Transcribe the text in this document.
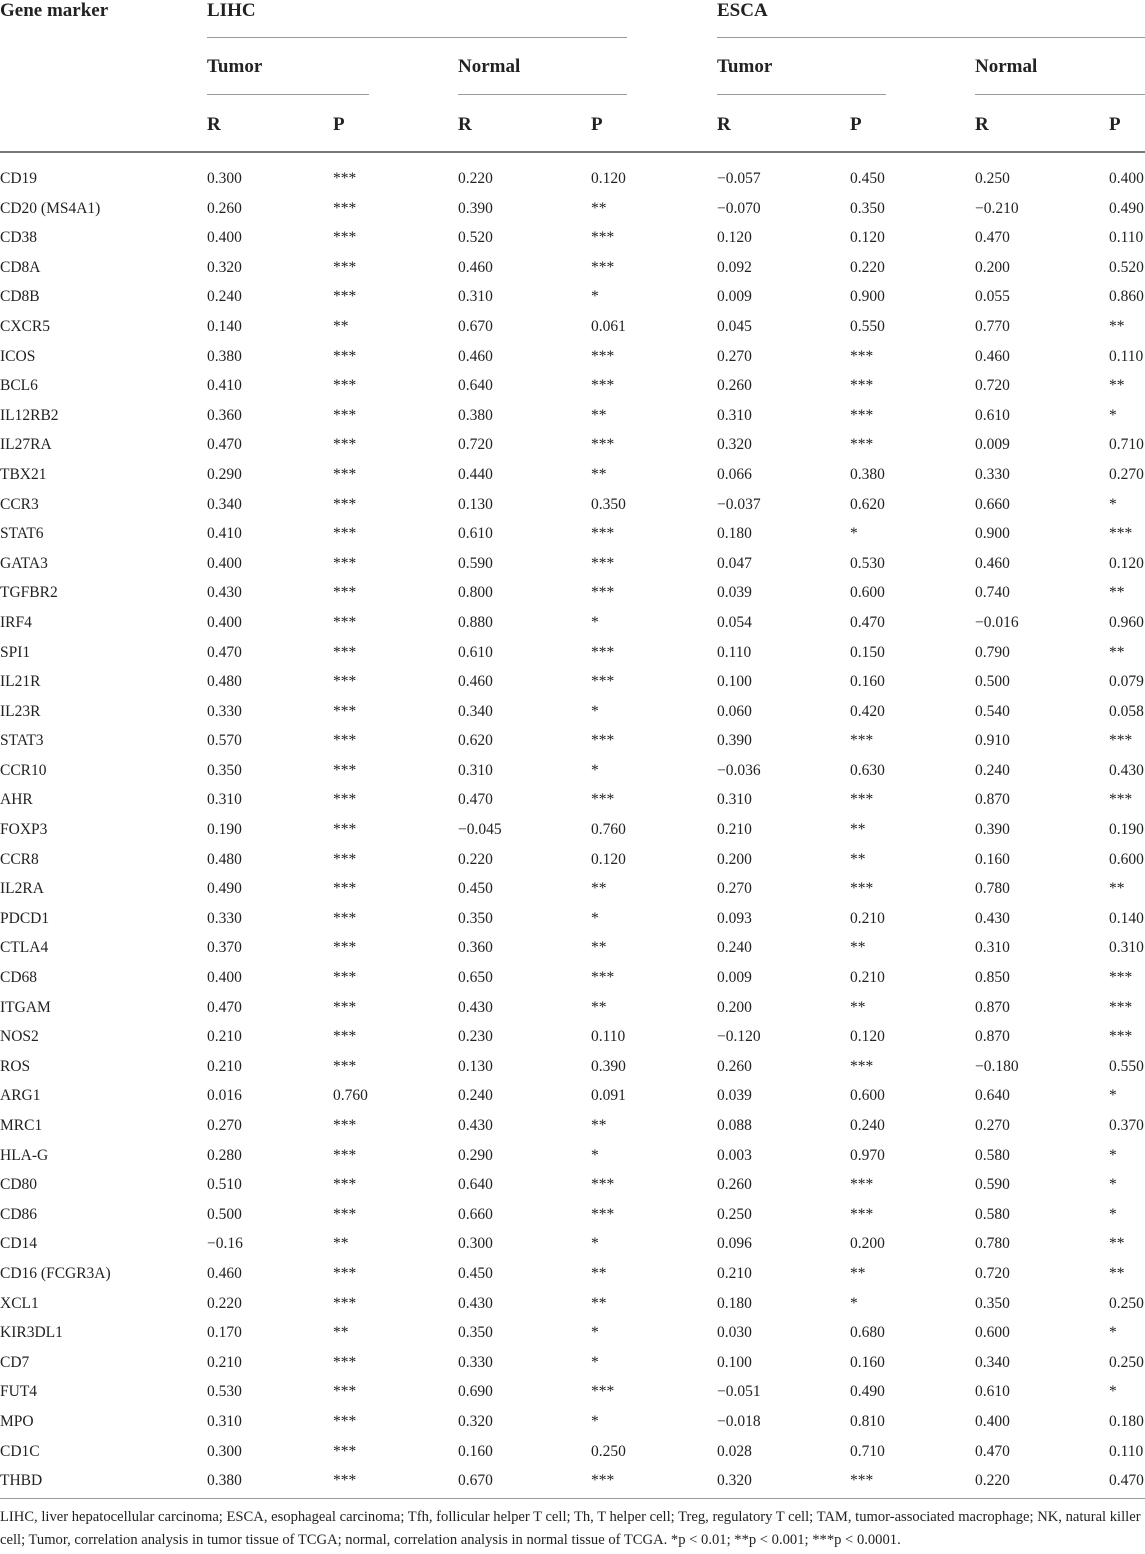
Gene marker	LIHC	ESCA
Tumor	Normal	Tumor	Normal
R	P	R	P	R	P	R	P
CD19	0.300	***	0.220	0.120	−0.057	0.450	0.250	0.400
CD20 (MS4A1)	0.260	***	0.390	**	−0.070	0.350	−0.210	0.490
CD38	0.400	***	0.520	***	0.120	0.120	0.470	0.110
CD8A	0.320	***	0.460	***	0.092	0.220	0.200	0.520
CD8B	0.240	***	0.310	*	0.009	0.900	0.055	0.860
CXCR5	0.140	**	0.670	0.061	0.045	0.550	0.770	**
ICOS	0.380	***	0.460	***	0.270	***	0.460	0.110
BCL6	0.410	***	0.640	***	0.260	***	0.720	**
IL12RB2	0.360	***	0.380	**	0.310	***	0.610	*
IL27RA	0.470	***	0.720	***	0.320	***	0.009	0.710
TBX21	0.290	***	0.440	**	0.066	0.380	0.330	0.270
CCR3	0.340	***	0.130	0.350	−0.037	0.620	0.660	*
STAT6	0.410	***	0.610	***	0.180	*	0.900	***
GATA3	0.400	***	0.590	***	0.047	0.530	0.460	0.120
TGFBR2	0.430	***	0.800	***	0.039	0.600	0.740	**
IRF4	0.400	***	0.880	*	0.054	0.470	−0.016	0.960
SPI1	0.470	***	0.610	***	0.110	0.150	0.790	**
IL21R	0.480	***	0.460	***	0.100	0.160	0.500	0.079
IL23R	0.330	***	0.340	*	0.060	0.420	0.540	0.058
STAT3	0.570	***	0.620	***	0.390	***	0.910	***
CCR10	0.350	***	0.310	*	−0.036	0.630	0.240	0.430
AHR	0.310	***	0.470	***	0.310	***	0.870	***
FOXP3	0.190	***	−0.045	0.760	0.210	**	0.390	0.190
CCR8	0.480	***	0.220	0.120	0.200	**	0.160	0.600
IL2RA	0.490	***	0.450	**	0.270	***	0.780	**
PDCD1	0.330	***	0.350	*	0.093	0.210	0.430	0.140
CTLA4	0.370	***	0.360	**	0.240	**	0.310	0.310
CD68	0.400	***	0.650	***	0.009	0.210	0.850	***
ITGAM	0.470	***	0.430	**	0.200	**	0.870	***
NOS2	0.210	***	0.230	0.110	−0.120	0.120	0.870	***
ROS	0.210	***	0.130	0.390	0.260	***	−0.180	0.550
ARG1	0.016	0.760	0.240	0.091	0.039	0.600	0.640	*
MRC1	0.270	***	0.430	**	0.088	0.240	0.270	0.370
HLA-G	0.280	***	0.290	*	0.003	0.970	0.580	*
CD80	0.510	***	0.640	***	0.260	***	0.590	*
CD86	0.500	***	0.660	***	0.250	***	0.580	*
CD14	−0.16	**	0.300	*	0.096	0.200	0.780	**
CD16 (FCGR3A)	0.460	***	0.450	**	0.210	**	0.720	**
XCL1	0.220	***	0.430	**	0.180	*	0.350	0.250
KIR3DL1	0.170	**	0.350	*	0.030	0.680	0.600	*
CD7	0.210	***	0.330	*	0.100	0.160	0.340	0.250
FUT4	0.530	***	0.690	***	−0.051	0.490	0.610	*
MPO	0.310	***	0.320	*	−0.018	0.810	0.400	0.180
CD1C	0.300	***	0.160	0.250	0.028	0.710	0.470	0.110
THBD	0.380	***	0.670	***	0.320	***	0.220	0.470
LIHC, liver hepatocellular carcinoma; ESCA, esophageal carcinoma; Tfh, follicular helper T cell; Th, T helper cell; Treg, regulatory T cell; TAM, tumor-associated macrophage; NK, natural killer cell; Tumor, correlation analysis in tumor tissue of TCGA; normal, correlation analysis in normal tissue of TCGA. *p < 0.01; **p < 0.001; ***p < 0.0001.
